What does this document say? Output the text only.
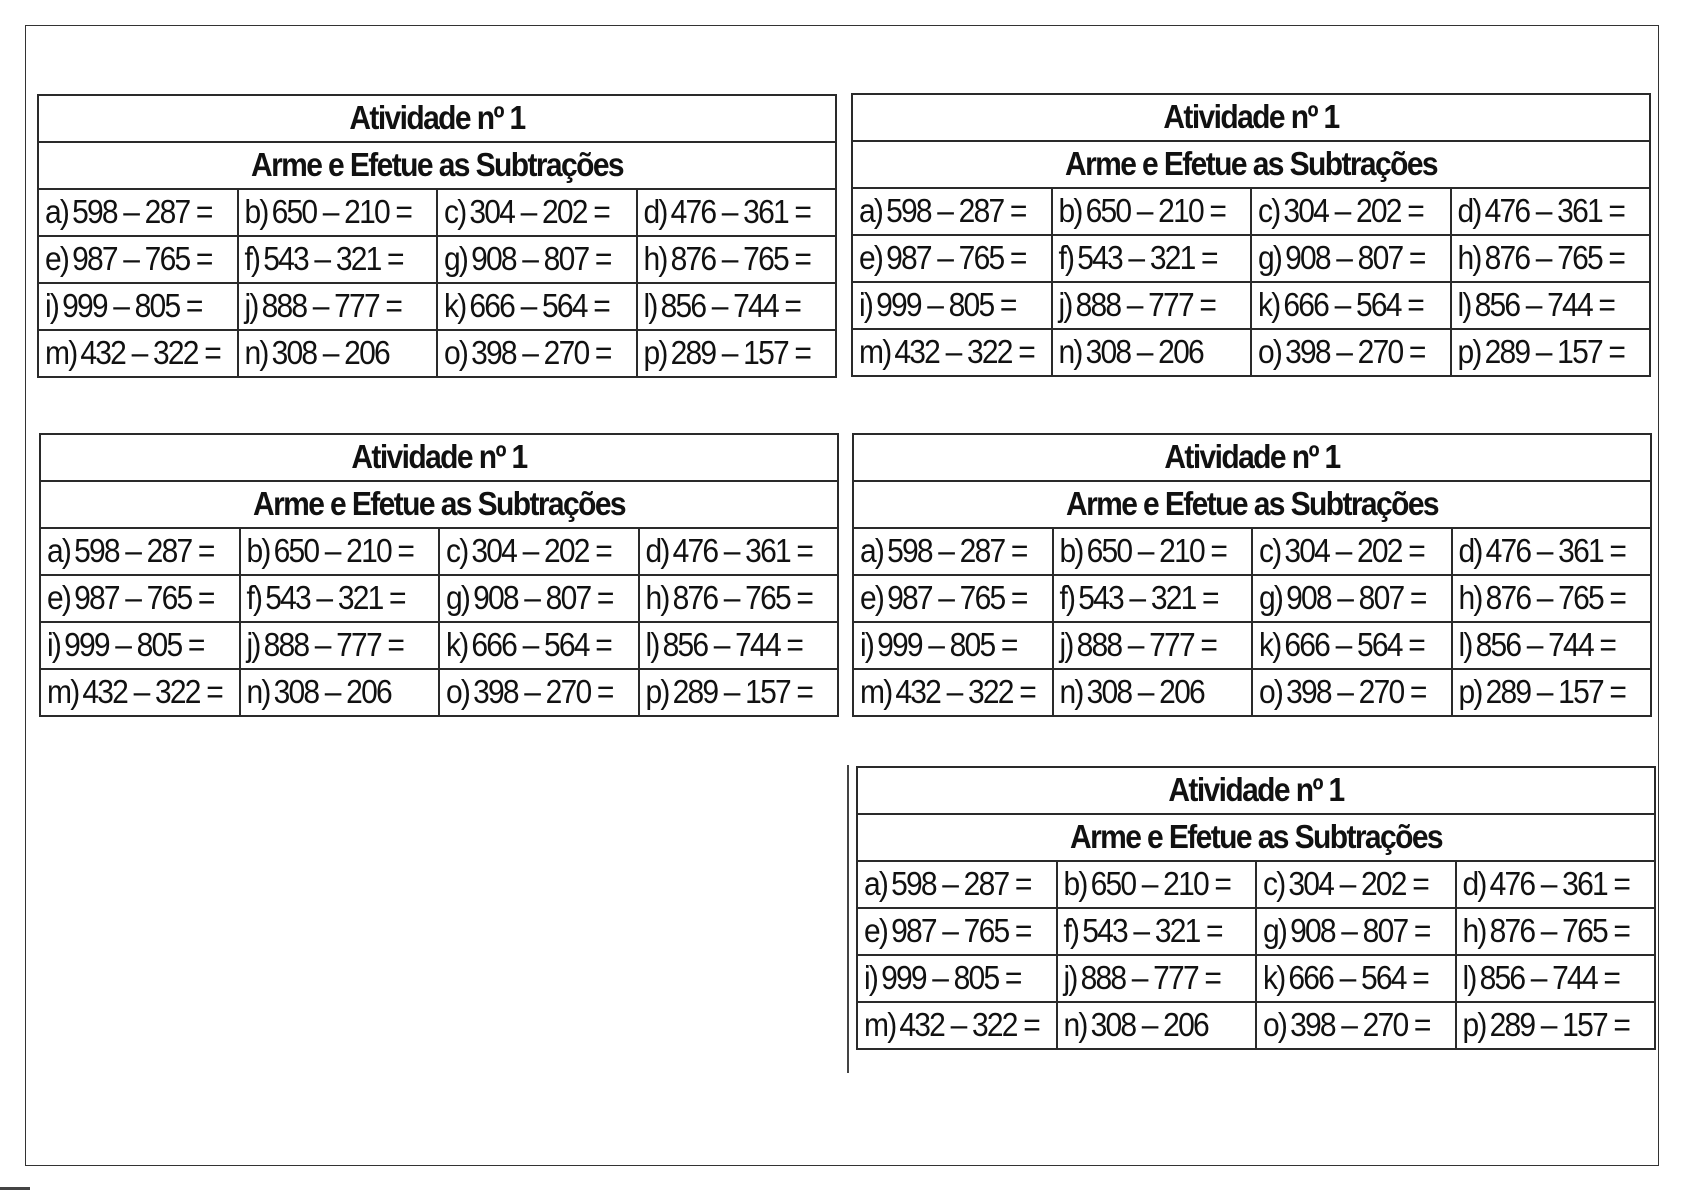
Atividade nº 1			
Arme e Efetue as Subtrações			
a) 598 – 287 =	b) 650 – 210 =	c) 304 – 202 =	d) 476 – 361 =
e) 987 – 765 =	f) 543 – 321 =	g) 908 – 807 =	h) 876 – 765 =
i) 999 – 805 =	j) 888 – 777 =	k) 666 – 564 =	l) 856 – 744 =
m) 432 – 322 =	n) 308 – 206	o) 398 – 270 =	p) 289 – 157 =
Atividade nº 1			
Arme e Efetue as Subtrações			
a) 598 – 287 =	b) 650 – 210 =	c) 304 – 202 =	d) 476 – 361 =
e) 987 – 765 =	f) 543 – 321 =	g) 908 – 807 =	h) 876 – 765 =
i) 999 – 805 =	j) 888 – 777 =	k) 666 – 564 =	l) 856 – 744 =
m) 432 – 322 =	n) 308 – 206	o) 398 – 270 =	p) 289 – 157 =
Atividade nº 1			
Arme e Efetue as Subtrações			
a) 598 – 287 =	b) 650 – 210 =	c) 304 – 202 =	d) 476 – 361 =
e) 987 – 765 =	f) 543 – 321 =	g) 908 – 807 =	h) 876 – 765 =
i) 999 – 805 =	j) 888 – 777 =	k) 666 – 564 =	l) 856 – 744 =
m) 432 – 322 =	n) 308 – 206	o) 398 – 270 =	p) 289 – 157 =
Atividade nº 1			
Arme e Efetue as Subtrações			
a) 598 – 287 =	b) 650 – 210 =	c) 304 – 202 =	d) 476 – 361 =
e) 987 – 765 =	f) 543 – 321 =	g) 908 – 807 =	h) 876 – 765 =
i) 999 – 805 =	j) 888 – 777 =	k) 666 – 564 =	l) 856 – 744 =
m) 432 – 322 =	n) 308 – 206	o) 398 – 270 =	p) 289 – 157 =
Atividade nº 1			
Arme e Efetue as Subtrações			
a) 598 – 287 =	b) 650 – 210 =	c) 304 – 202 =	d) 476 – 361 =
e) 987 – 765 =	f) 543 – 321 =	g) 908 – 807 =	h) 876 – 765 =
i) 999 – 805 =	j) 888 – 777 =	k) 666 – 564 =	l) 856 – 744 =
m) 432 – 322 =	n) 308 – 206	o) 398 – 270 =	p) 289 – 157 =
